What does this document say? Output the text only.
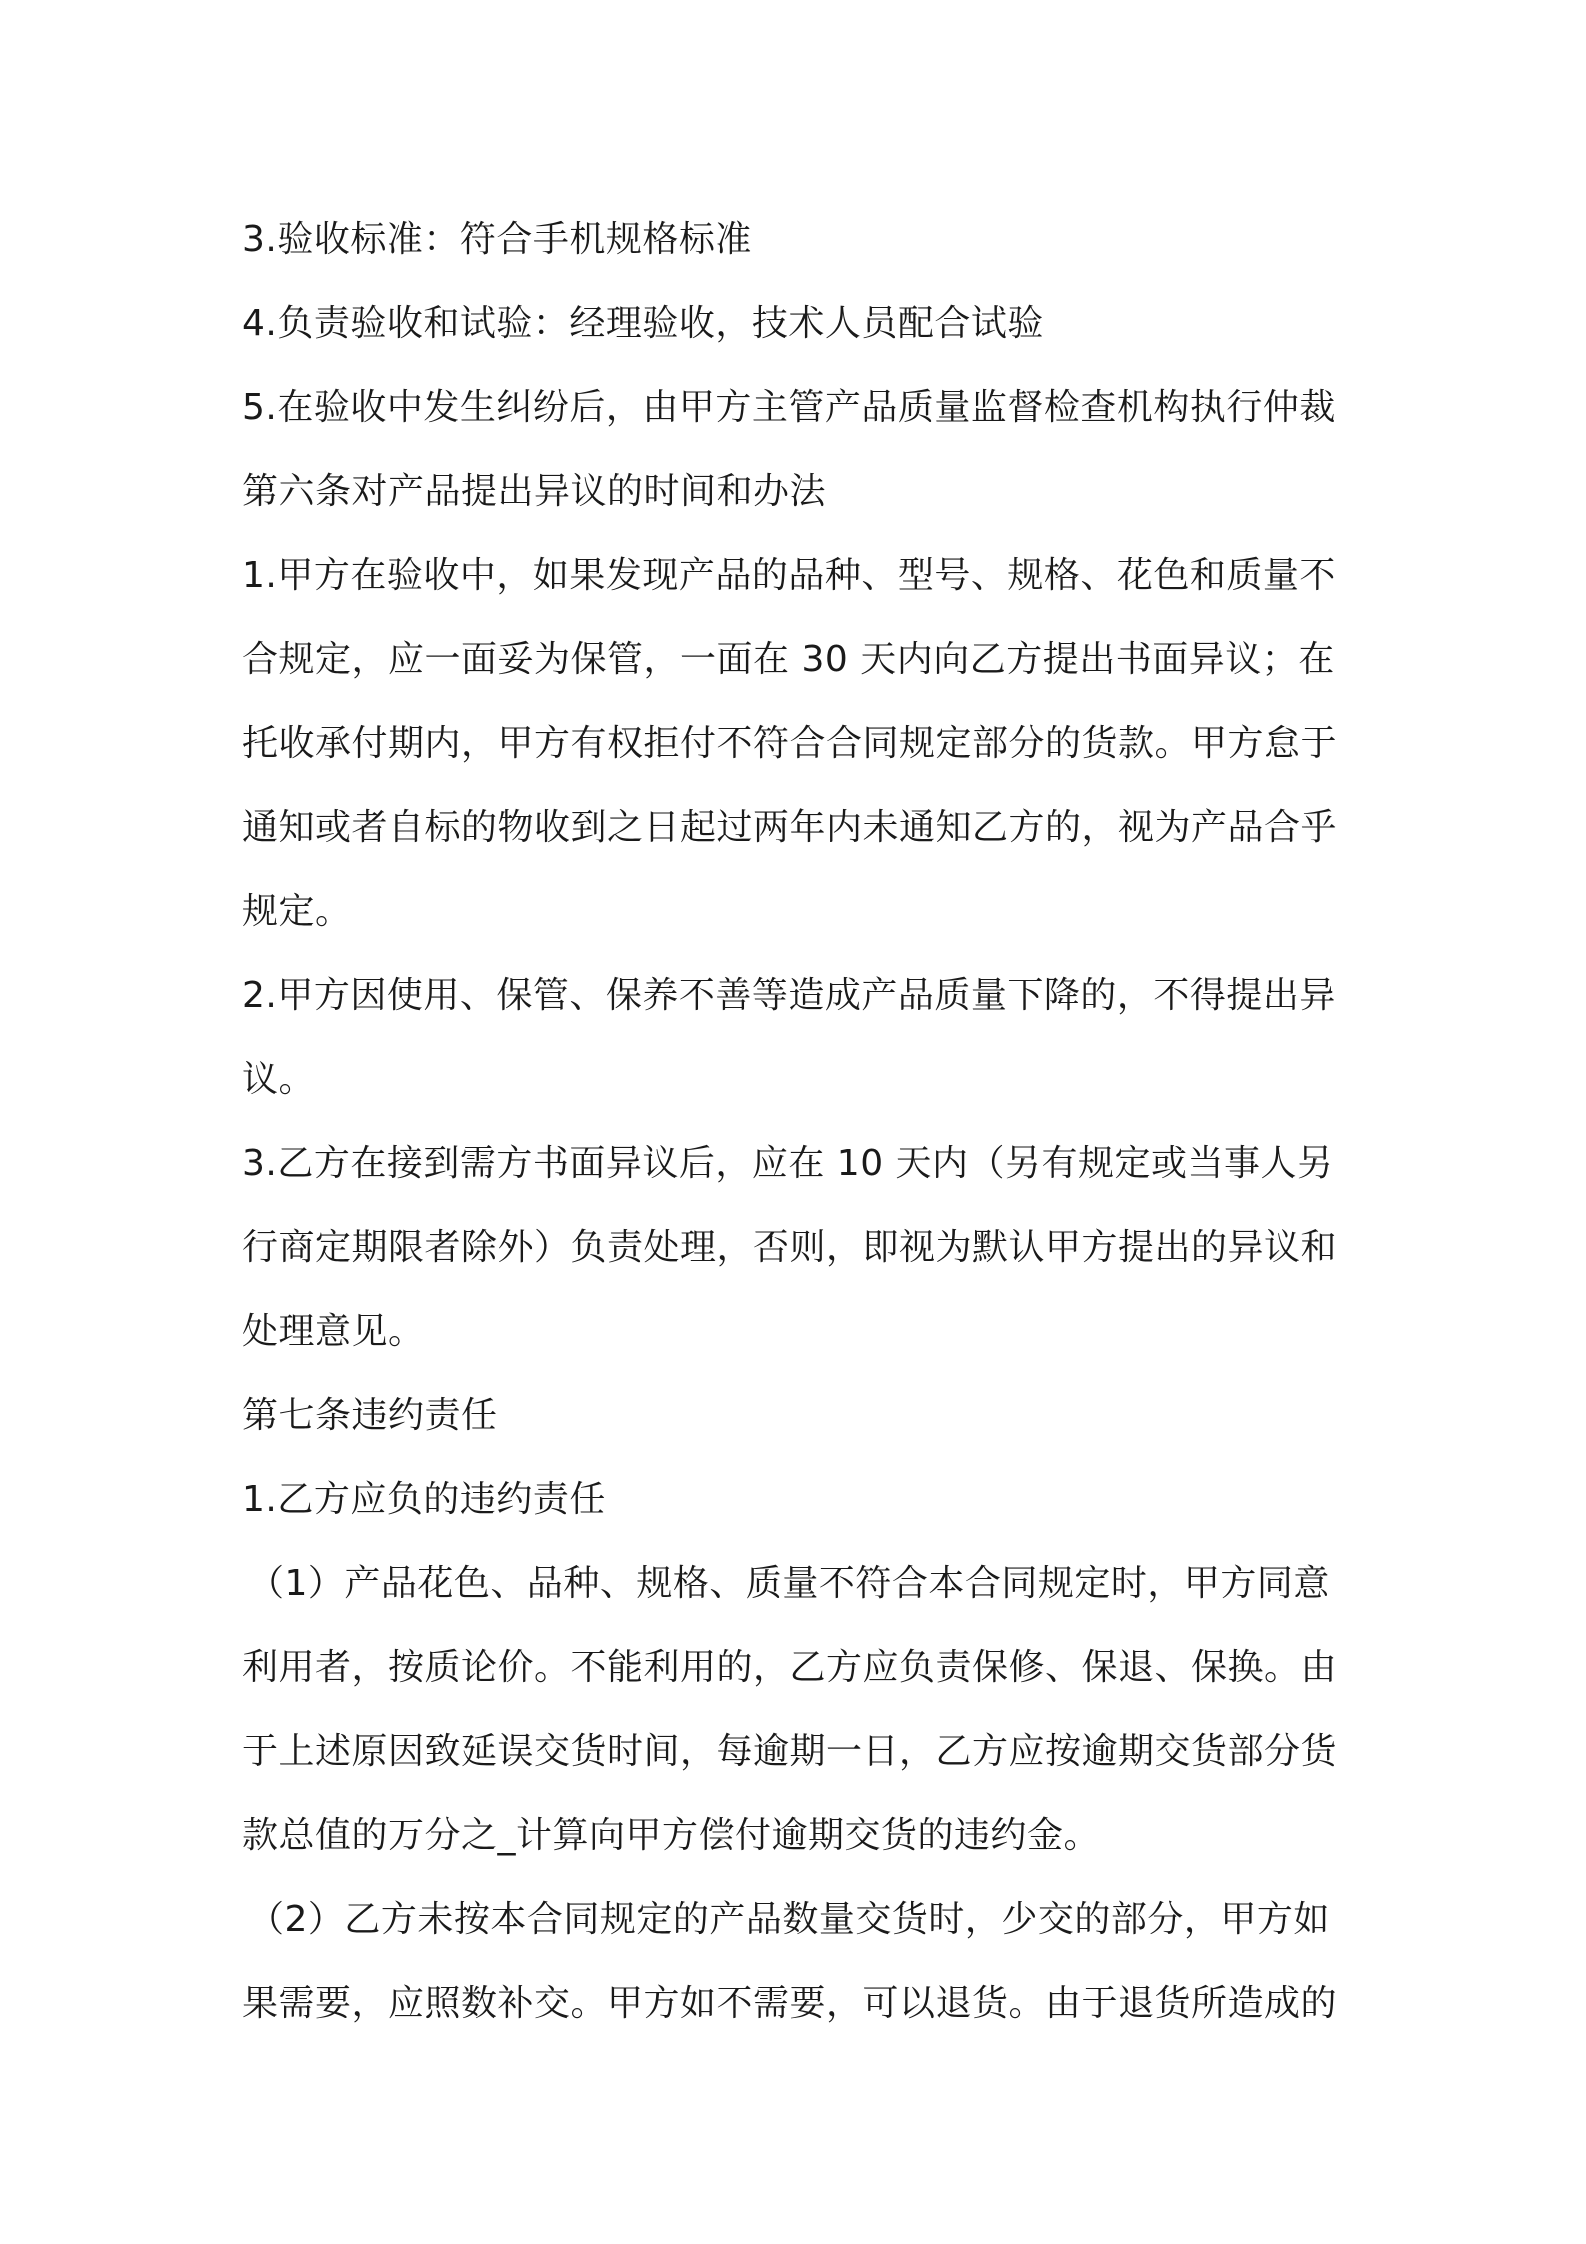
3.验收标准：符合手机规格标准
4.负责验收和试验：经理验收，技术人员配合试验
5.在验收中发生纠纷后，由甲方主管产品质量监督检查机构执行仲裁
第六条对产品提出异议的时间和办法
1.甲方在验收中，如果发现产品的品种、型号、规格、花色和质量不
合规定，应一面妥为保管，一面在 30 天内向乙方提出书面异议；在
托收承付期内，甲方有权拒付不符合合同规定部分的货款。甲方怠于
通知或者自标的物收到之日起过两年内未通知乙方的，视为产品合乎
规定。
2.甲方因使用、保管、保养不善等造成产品质量下降的，不得提出异
议。
3.乙方在接到需方书面异议后，应在 10 天内（另有规定或当事人另
行商定期限者除外）负责处理，否则，即视为默认甲方提出的异议和
处理意见。
第七条违约责任
1.乙方应负的违约责任
（1）产品花色、品种、规格、质量不符合本合同规定时，甲方同意
利用者，按质论价。不能利用的，乙方应负责保修、保退、保换。由
于上述原因致延误交货时间，每逾期一日，乙方应按逾期交货部分货
款总值的万分之_计算向甲方偿付逾期交货的违约金。
（2）乙方未按本合同规定的产品数量交货时，少交的部分，甲方如
果需要，应照数补交。甲方如不需要，可以退货。由于退货所造成的
